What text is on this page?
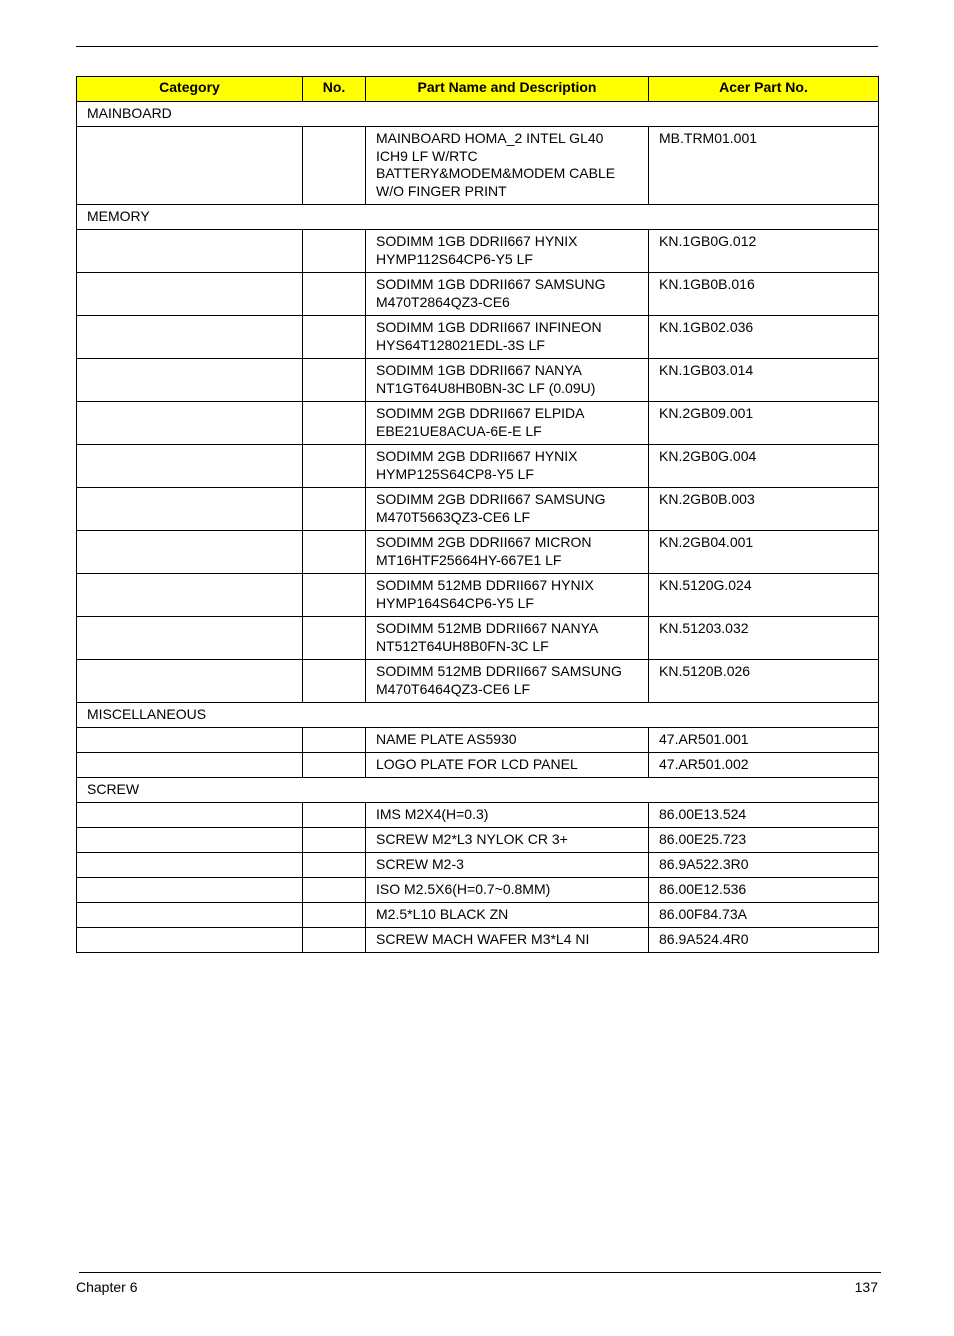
Category	No.	Part Name and Description	Acer Part No.
MAINBOARD			
		MAINBOARD HOMA_2 INTEL GL40 ICH9 LF W/RTC BATTERY&MODEM&MODEM CABLE W/O FINGER PRINT	MB.TRM01.001
MEMORY			
		SODIMM 1GB DDRII667 HYNIX HYMP112S64CP6-Y5 LF	KN.1GB0G.012
		SODIMM 1GB DDRII667 SAMSUNG M470T2864QZ3-CE6	KN.1GB0B.016
		SODIMM 1GB DDRII667 INFINEON HYS64T128021EDL-3S LF	KN.1GB02.036
		SODIMM 1GB DDRII667 NANYA NT1GT64U8HB0BN-3C LF (0.09U)	KN.1GB03.014
		SODIMM 2GB DDRII667 ELPIDA EBE21UE8ACUA-6E-E LF	KN.2GB09.001
		SODIMM 2GB DDRII667 HYNIX HYMP125S64CP8-Y5 LF	KN.2GB0G.004
		SODIMM 2GB DDRII667 SAMSUNG M470T5663QZ3-CE6 LF	KN.2GB0B.003
		SODIMM 2GB DDRII667 MICRON MT16HTF25664HY-667E1 LF	KN.2GB04.001
		SODIMM 512MB DDRII667 HYNIX HYMP164S64CP6-Y5 LF	KN.5120G.024
		SODIMM 512MB DDRII667 NANYA NT512T64UH8B0FN-3C LF	KN.51203.032
		SODIMM 512MB DDRII667 SAMSUNG M470T6464QZ3-CE6 LF	KN.5120B.026
MISCELLANEOUS			
		NAME PLATE AS5930	47.AR501.001
		LOGO PLATE FOR LCD PANEL	47.AR501.002
SCREW			
		IMS M2X4(H=0.3)	86.00E13.524
		SCREW M2*L3 NYLOK CR 3+	86.00E25.723
		SCREW M2-3	86.9A522.3R0
		ISO M2.5X6(H=0.7~0.8MM)	86.00E12.536
		M2.5*L10 BLACK ZN	86.00F84.73A
		SCREW MACH WAFER M3*L4 NI	86.9A524.4R0
Chapter 6	137
